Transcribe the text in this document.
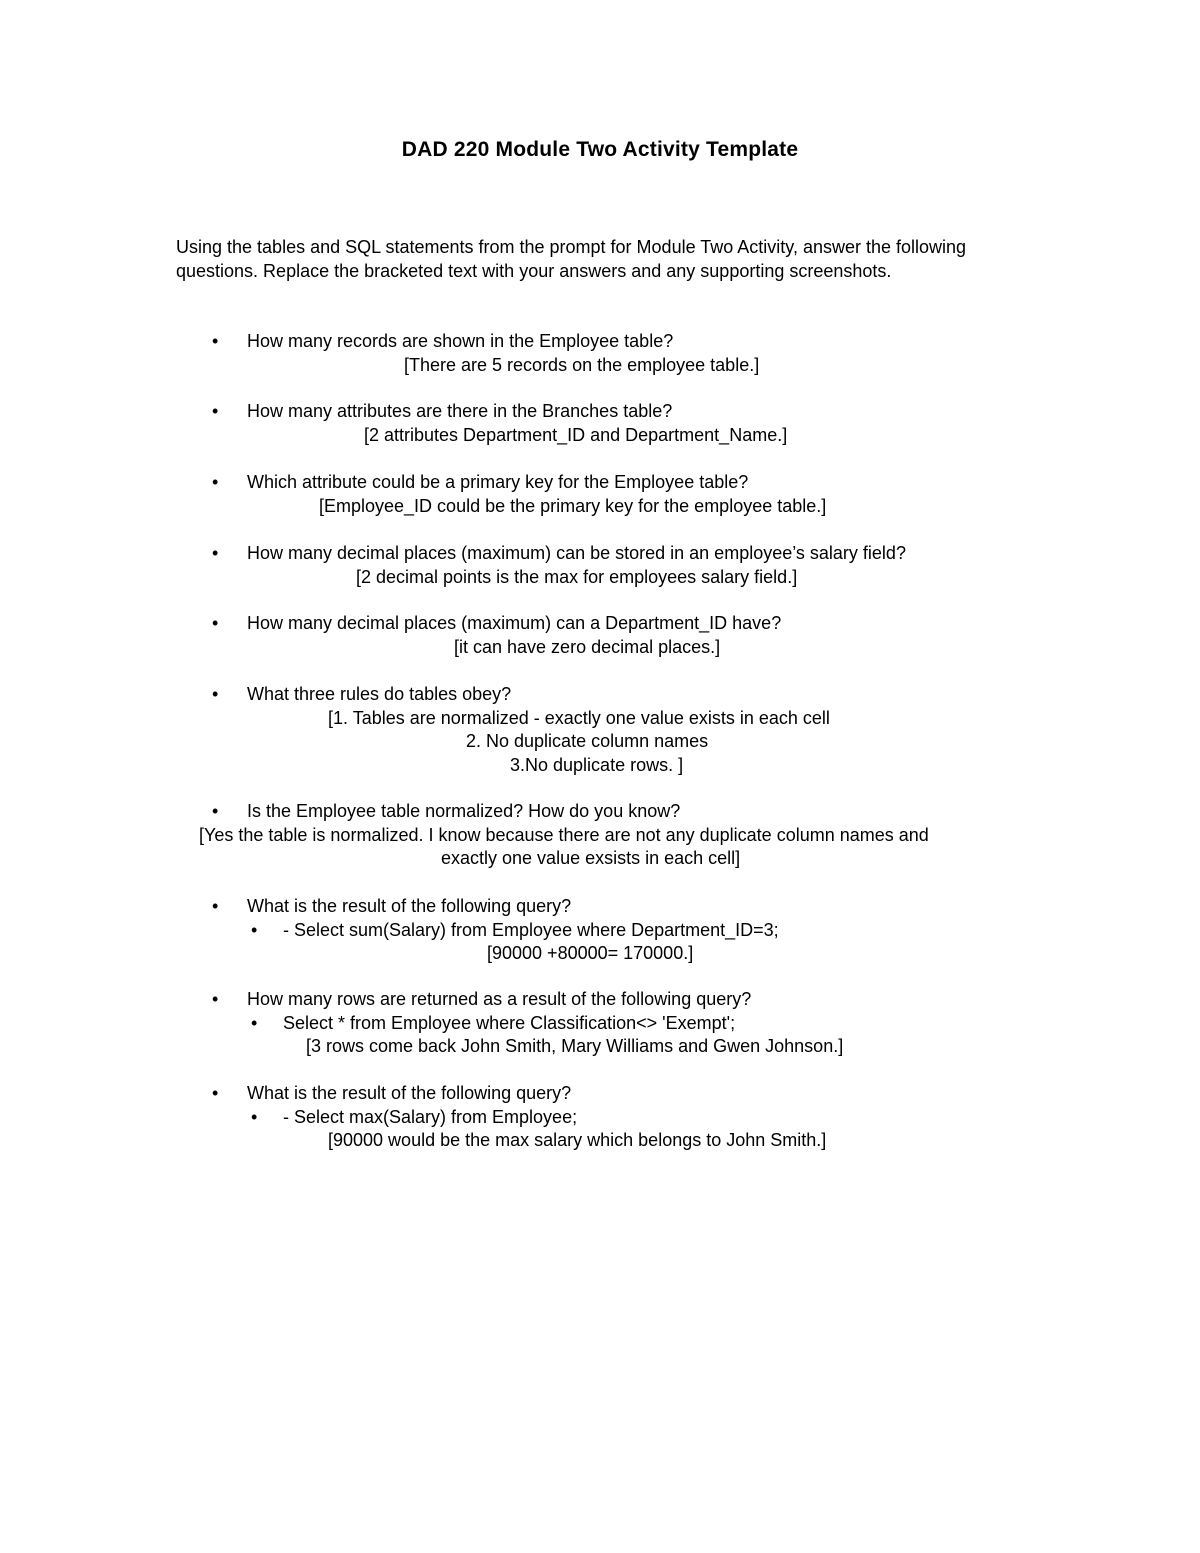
DAD 220 Module Two Activity Template
Using the tables and SQL statements from the prompt for Module Two Activity, answer the following questions. Replace the bracketed text with your answers and any supporting screenshots.
• How many records are shown in the Employee table?
[There are 5 records on the employee table.]
• How many attributes are there in the Branches table?
[2 attributes Department_ID and Department_Name.]
• Which attribute could be a primary key for the Employee table?
[Employee_ID could be the primary key for the employee table.]
• How many decimal places (maximum) can be stored in an employee’s salary field?
[2 decimal points is the max for employees salary field.]
• How many decimal places (maximum) can a Department_ID have?
[it can have zero decimal places.]
• What three rules do tables obey?
[1. Tables are normalized - exactly one value exists in each cell
2. No duplicate column names
3.No duplicate rows. ]
• Is the Employee table normalized? How do you know?
[Yes the table is normalized. I know because there are not any duplicate column names and
exactly one value exsists in each cell]
• What is the result of the following query?
• - Select sum(Salary) from Employee where Department_ID=3;
[90000 +80000= 170000.]
• How many rows are returned as a result of the following query?
• Select * from Employee where Classification<> 'Exempt';
[3 rows come back John Smith, Mary Williams and Gwen Johnson.]
• What is the result of the following query?
• - Select max(Salary) from Employee;
[90000 would be the max salary which belongs to John Smith.]
